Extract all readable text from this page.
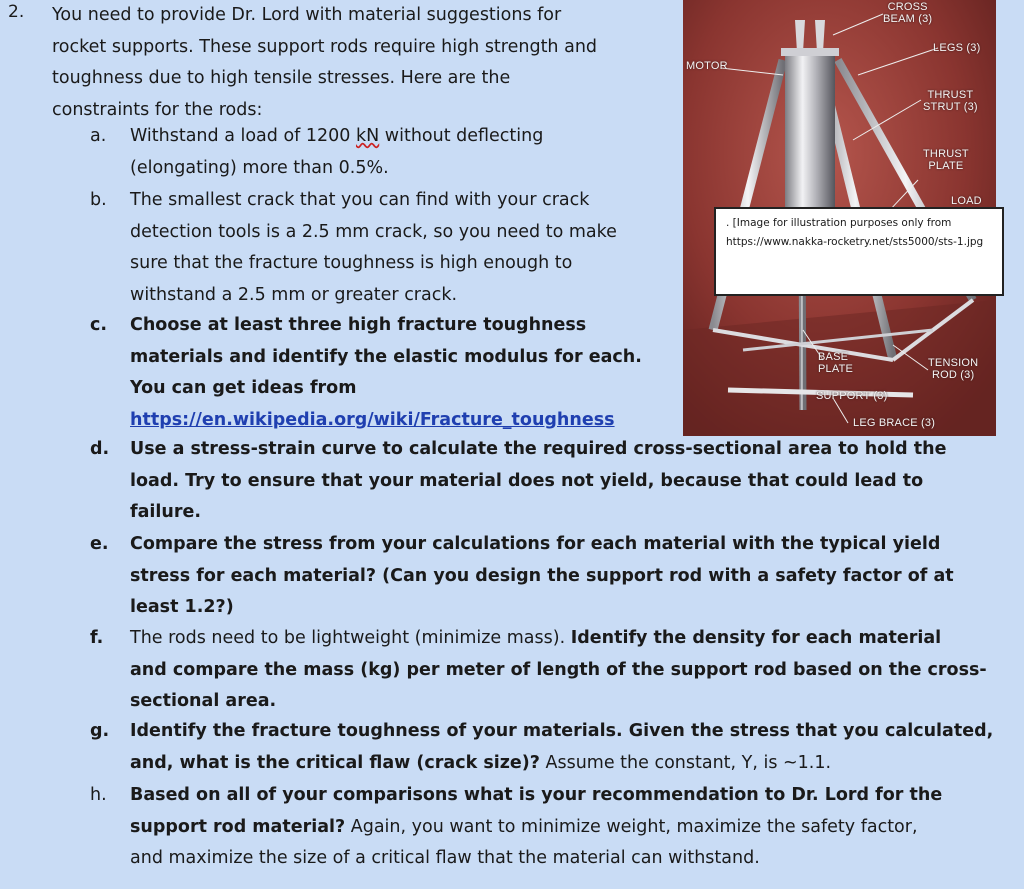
2. You need to provide Dr. Lord with material suggestions for
rocket supports. These support rods require high strength and
toughness due to high tensile stresses. Here are the
constraints for the rods:
a.	Withstand a load of 1200 kN without deflecting
(elongating) more than 0.5%.
b.	The smallest crack that you can find with your crack
detection tools is a 2.5 mm crack, so you need to make
sure that the fracture toughness is high enough to
withstand a 2.5 mm or greater crack.
c.	Choose at least three high fracture toughness
materials and identify the elastic modulus for each.
You can get ideas from
https://en.wikipedia.org/wiki/Fracture_toughness
d.	Use a stress-strain curve to calculate the required cross-sectional area to hold the
load. Try to ensure that your material does not yield, because that could lead to
failure.
e.	Compare the stress from your calculations for each material with the typical yield
stress for each material? (Can you design the support rod with a safety factor of at
least 1.2?)
f.	The rods need to be lightweight (minimize mass). Identify the density for each material
and compare the mass (kg) per meter of length of the support rod based on the cross-
sectional area.
g.	Identify the fracture toughness of your materials. Given the stress that you calculated,
and, what is the critical flaw (crack size)? Assume the constant, Y, is ~1.1.
h.	Based on all of your comparisons what is your recommendation to Dr. Lord for the
support rod material? Again, you want to minimize weight, maximize the safety factor,
and maximize the size of a critical flaw that the material can withstand.
CROSS
BEAM (3)
LEGS (3)
MOTOR
THRUST
STRUT (3)
THRUST
PLATE
LOAD
BASE
PLATE	TENSION
ROD (3)
SUPPORT (3)
LEG BRACE (3)
. [Image for illustration purposes only from https://www.nakka-rocketry.net/sts5000/sts-1.jpg
